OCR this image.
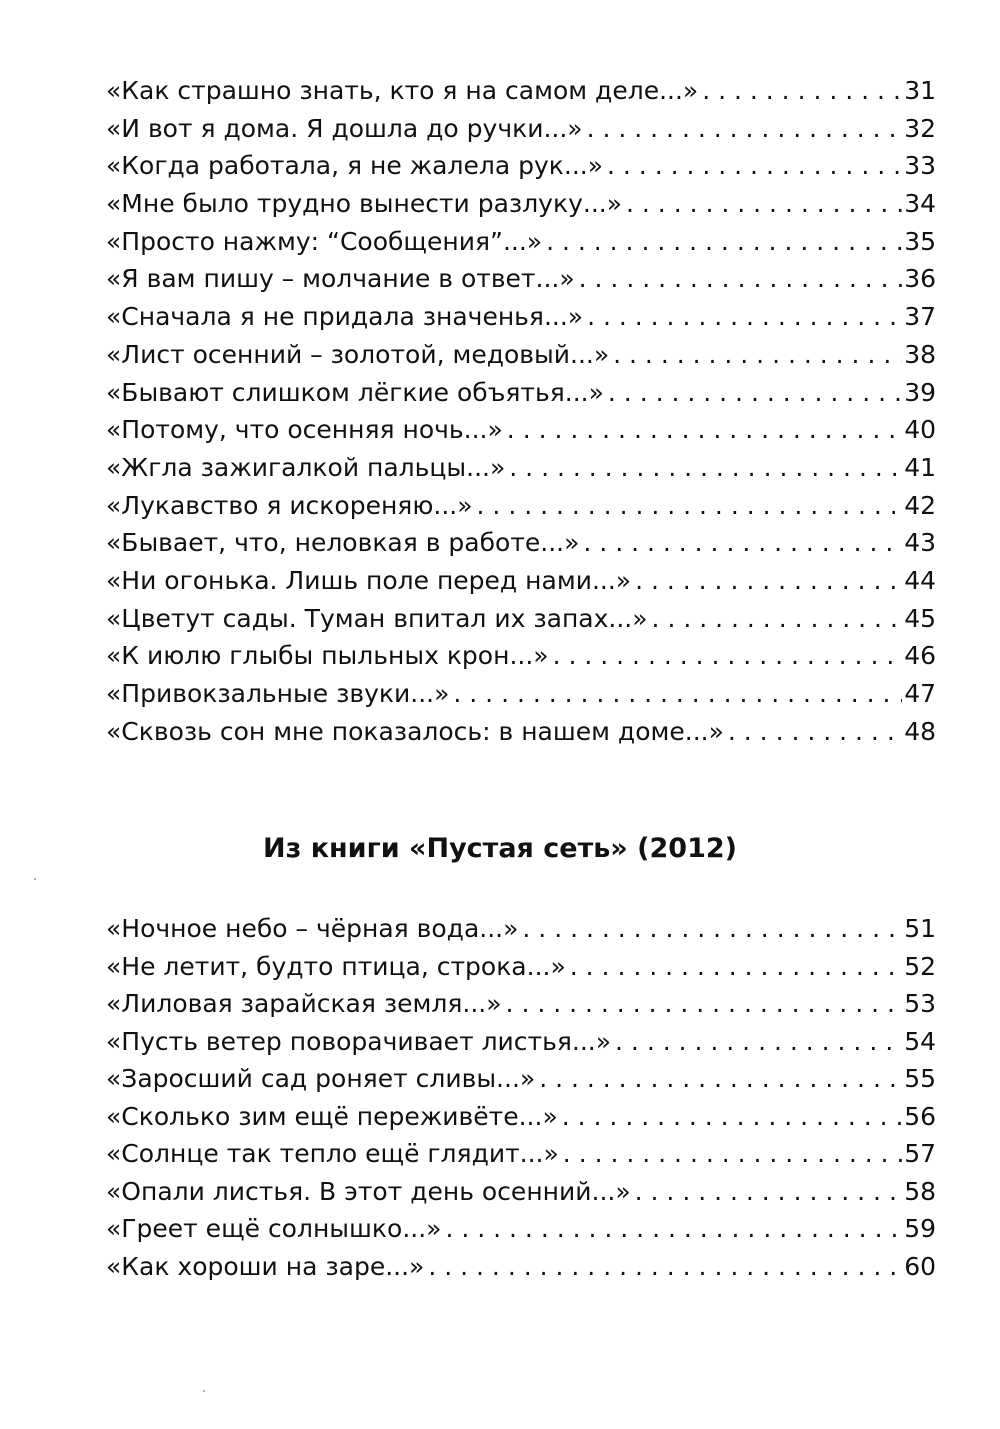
«Как страшно знать, кто я на самом деле...» . . .	31
«И вот я дома. Я дошла до ручки...» . . .	32
«Когда работала, я не жалела рук...» . . .	33
«Мне было трудно вынести разлуку...» . . .	34
«Просто нажму: “Сообщения”...» . . .	35
«Я вам пишу – молчание в ответ...» . . .	36
«Сначала я не придала значенья...» . . .	37
«Лист осенний – золотой, медовый...» . . .	38
«Бывают слишком лёгкие объятья...» . . .	39
«Потому, что осенняя ночь...» . . .	40
«Жгла зажигалкой пальцы...» . . .	41
«Лукавство я искореняю...» . . .	42
«Бывает, что, неловкая в работе...» . . .	43
«Ни огонька. Лишь поле перед нами...» . . .	44
«Цветут сады. Туман впитал их запах...» . . .	45
«К июлю глыбы пыльных крон...» . . .	46
«Привокзальные звуки...» . . .	47
«Сквозь сон мне показалось: в нашем доме...» . . .	48
Из книги «Пустая сеть» (2012)
«Ночное небо – чёрная вода...» . . .	51
«Не летит, будто птица, строка...» . . .	52
«Лиловая зарайская земля...» . . .	53
«Пусть ветер поворачивает листья...» . . .	54
«Заросший сад роняет сливы...» . . .	55
«Сколько зим ещё переживёте...» . . .	56
«Солнце так тепло ещё глядит...» . . .	57
«Опали листья. В этот день осенний...» . . .	58
«Греет ещё солнышко...» . . .	59
«Как хороши на заре...» . . .	60
